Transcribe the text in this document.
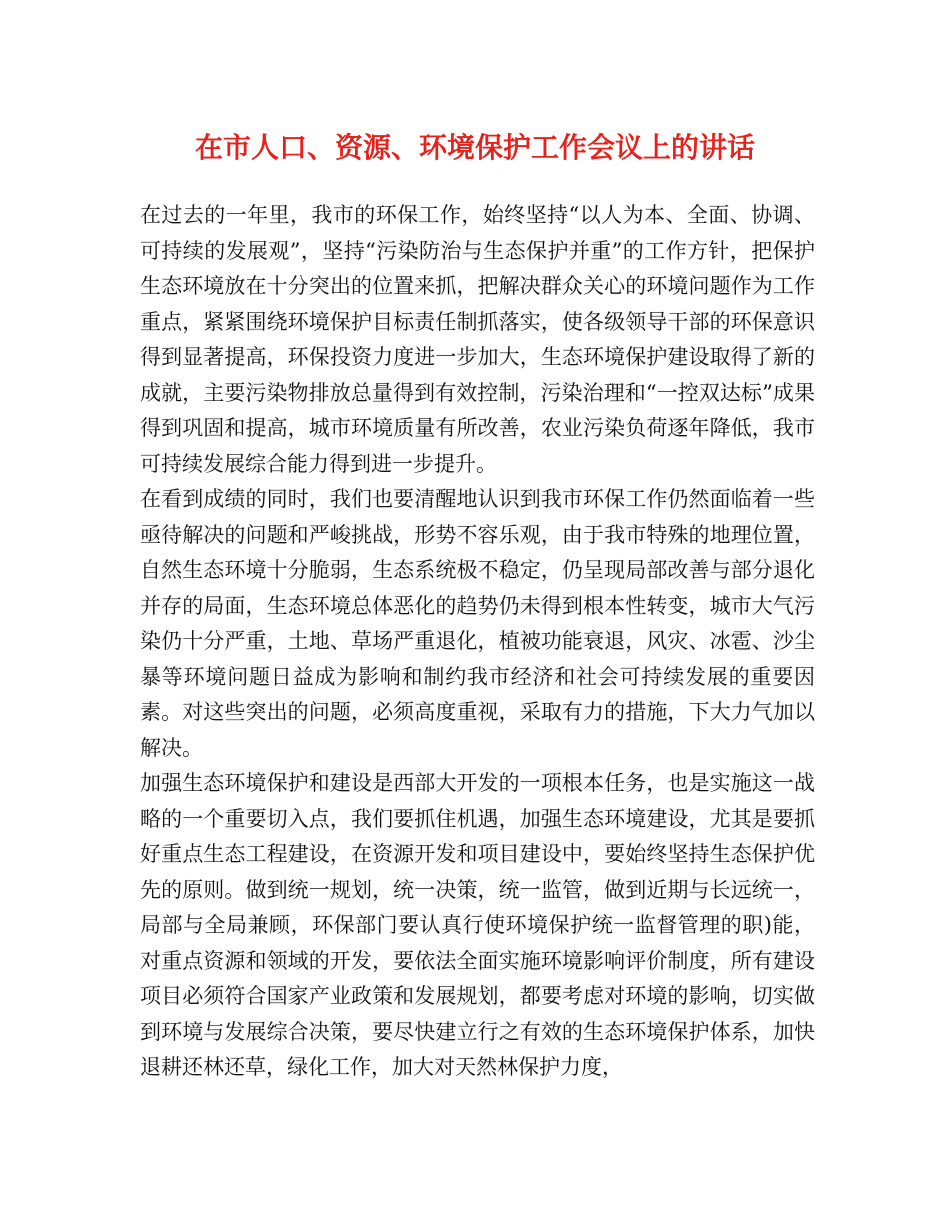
在市人口、资源、环境保护工作会议上的讲话

在过去的一年里，我市的环保工作，始终坚持“以人为本、全面、协调、可持续的发展观”，坚持“污染防治与生态保护并重”的工作方针，把保护生态环境放在十分突出的位置来抓，把解决群众关心的环境问题作为工作重点，紧紧围绕环境保护目标责任制抓落实，使各级领导干部的环保意识得到显著提高，环保投资力度进一步加大，生态环境保护建设取得了新的成就，主要污染物排放总量得到有效控制，污染治理和“一控双达标”成果得到巩固和提高，城市环境质量有所改善，农业污染负荷逐年降低，我市可持续发展综合能力得到进一步提升。

在看到成绩的同时，我们也要清醒地认识到我市环保工作仍然面临着一些亟待解决的问题和严峻挑战，形势不容乐观，由于我市特殊的地理位置，自然生态环境十分脆弱，生态系统极不稳定，仍呈现局部改善与部分退化并存的局面，生态环境总体恶化的趋势仍未得到根本性转变，城市大气污染仍十分严重，土地、草场严重退化，植被功能衰退，风灾、冰雹、沙尘暴等环境问题日益成为影响和制约我市经济和社会可持续发展的重要因素。对这些突出的问题，必须高度重视，采取有力的措施，下大力气加以解决。

加强生态环境保护和建设是西部大开发的一项根本任务，也是实施这一战略的一个重要切入点，我们要抓住机遇，加强生态环境建设，尤其是要抓好重点生态工程建设，在资源开发和项目建设中，要始终坚持生态保护优先的原则。做到统一规划，统一决策，统一监管，做到近期与长远统一，局部与全局兼顾，环保部门要认真行使环境保护统一监督管理的职)能，对重点资源和领域的开发，要依法全面实施环境影响评价制度，所有建设项目必须符合国家产业政策和发展规划，都要考虑对环境的影响，切实做到环境与发展综合决策，要尽快建立行之有效的生态环境保护体系，加快退耕还林还草，绿化工作，加大对天然林保护力度，
